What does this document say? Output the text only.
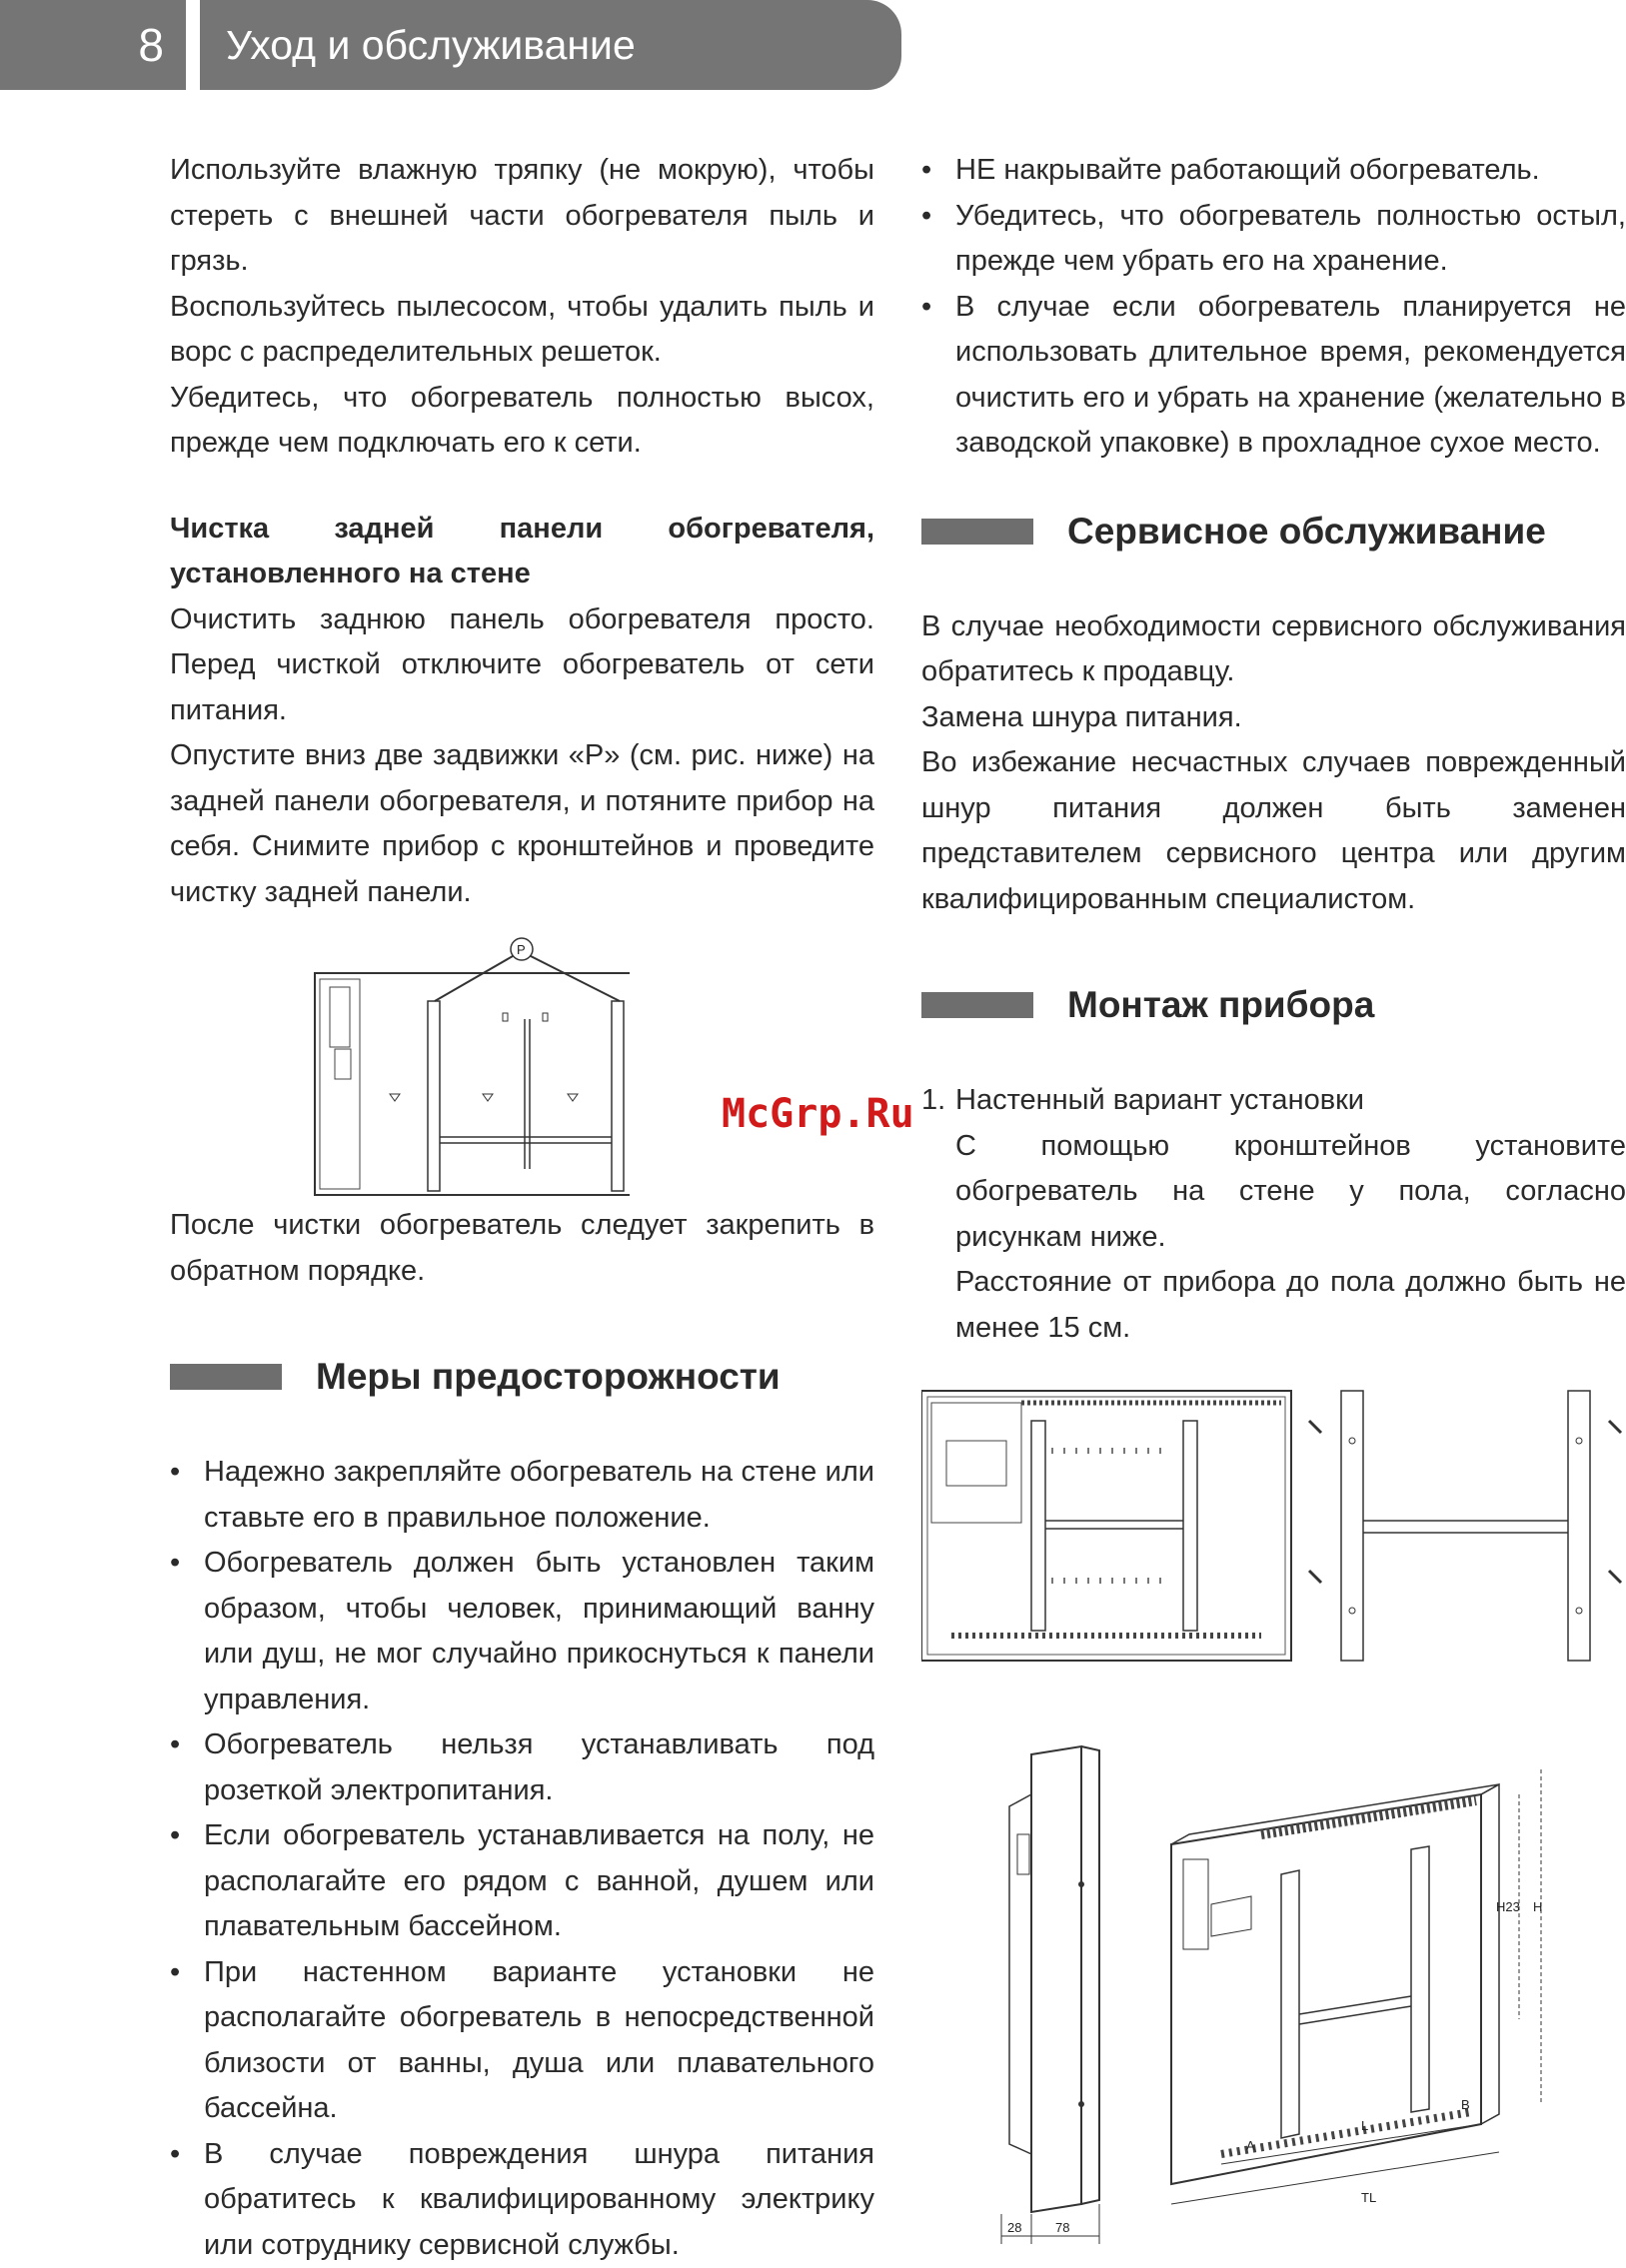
8	Уход и обслуживание

Используйте влажную тряпку (не мокрую), чтобы стереть с внешней части обогревателя пыль и грязь.

Воспользуйтесь пылесосом, чтобы удалить пыль и ворс с распределительных решеток.

Убедитесь, что обогреватель полностью высох, прежде чем подключать его к сети.

Чистка задней панели обогревателя, установленного на стене

Очистить заднюю панель обогревателя просто. Перед чисткой отключите обогреватель от сети питания.

Опустите вниз две задвижки «P» (см. рис. ниже) на задней панели обогревателя, и потяните прибор на себя. Снимите прибор с кронштейнов и проведите чистку задней панели.

P

После чистки обогреватель следует закрепить в обратном порядке.

Меры предосторожности
• Надежно закрепляйте обогреватель на стене или ставьте его в правильное положение.
• Обогреватель должен быть установлен таким образом, чтобы человек, принимающий ванну или душ, не мог случайно прикоснуться к панели управления.
• Обогреватель нельзя устанавливать под розеткой электропитания.
• Если обогреватель устанавливается на полу, не располагайте его рядом с ванной, душем или плавательным бассейном.
• При настенном варианте установки не располагайте обогреватель в непосредственной близости от ванны, душа или плавательного бассейна.
• В случае повреждения шнура питания обратитесь к квалифицированному электрику или сотруднику сервисной службы.
• НЕ накрывайте работающий обогреватель.
• Убедитесь, что обогреватель полностью остыл, прежде чем убрать его на хранение.
• В случае если обогреватель планируется не использовать длительное время, рекомендуется очистить его и убрать на хранение (желательно в заводской упаковке) в прохладное сухое место.
Сервисное обслуживание

В случае необходимости сервисного обслуживания обратитесь к продавцу.

Замена шнура питания.

Во избежание несчастных случаев поврежденный шнур питания должен быть заменен представителем сервисного центра или другим квалифицированным специалистом.

Монтаж прибора
1. Настенный вариант установки

С помощью кронштейнов установите обогреватель на стене у пола, согласно рисункам ниже.

Расстояние от прибора до пола должно быть не менее 15 см.

28	78
H23 H
A
L
B
TL
McGrp.Ru
